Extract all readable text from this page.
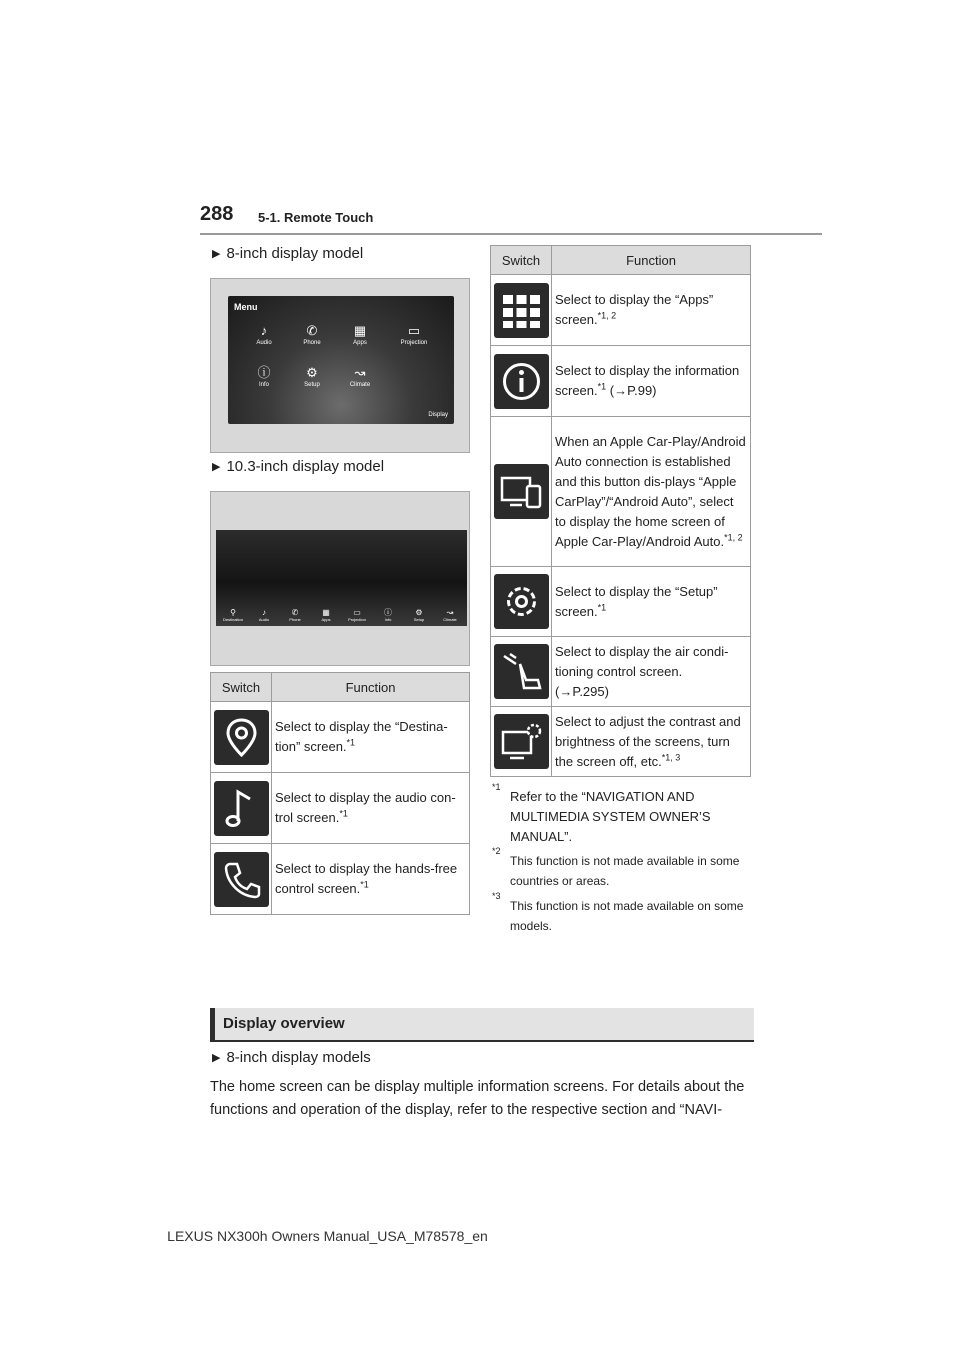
288 5-1. Remote Touch
▶ 8-inch display model
Menu
♪
Audio
✆
Phone
▦
Apps
▭
Projection
ⓘ
Info
⚙
Setup
↝
Climate
Display
▶ 10.3-inch display model
⚲
Destination
♪
Audio
✆
Phone
▦
Apps
▭
Projection
ⓘ
Info
⚙
Setup
↝
Climate
Switch	Function

	Select to display the “Destina-tion” screen.$^{*1}$

	Select to display the audio con-trol screen.$^{*1}$

	Select to display the hands-free control screen.$^{*1}$
Switch	Function

	Select to display the “Apps” screen.$^{*1, 2}$

	Select to display the information screen.$^{*1}$ (→P.99)

	When an Apple Car-Play/Android Auto connection is established and this button dis-plays “Apple CarPlay”/“Android Auto”, select to display the home screen of Apple Car-Play/Android Auto.$^{*1, 2}$

	Select to display the “Setup” screen.$^{*1}$

	Select to display the air condi-tioning control screen.
(→P.295)

	Select to adjust the contrast and brightness of the screens, turn the screen off, etc.$^{*1, 3}$
*1
Refer to the “NAVIGATION AND MULTIMEDIA SYSTEM OWNER’S MANUAL”.
*2
This function is not made available in some countries or areas.
*3
This function is not made available on some models.
Display overview
▶ 8-inch display models
The home screen can be display multiple information screens. For details about the functions and operation of the display, refer to the respective section and “NAVI-
LEXUS NX300h Owners Manual_USA_M78578_en
